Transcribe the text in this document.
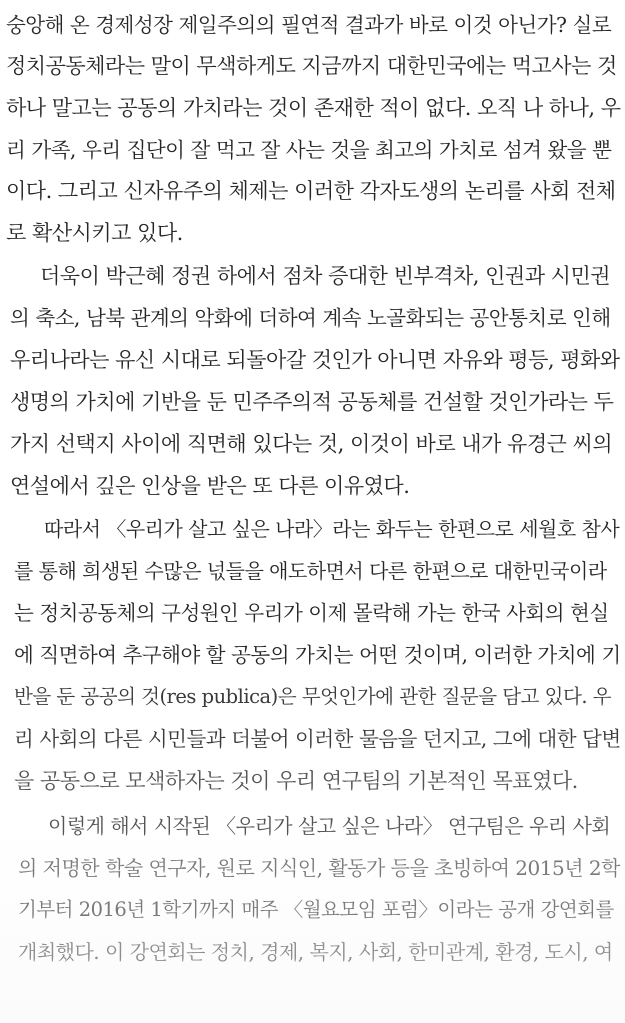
숭앙해 온 경제성장 제일주의의 필연적 결과가 바로 이것 아닌가? 실로
정치공동체라는 말이 무색하게도 지금까지 대한민국에는 먹고사는 것
하나 말고는 공동의 가치라는 것이 존재한 적이 없다. 오직 나 하나, 우
리 가족, 우리 집단이 잘 먹고 잘 사는 것을 최고의 가치로 섬겨 왔을 뿐
이다. 그리고 신자유주의 체제는 이러한 각자도생의 논리를 사회 전체
로 확산시키고 있다.
더욱이 박근혜 정권 하에서 점차 증대한 빈부격차, 인권과 시민권
의 축소, 남북 관계의 악화에 더하여 계속 노골화되는 공안통치로 인해
우리나라는 유신 시대로 되돌아갈 것인가 아니면 자유와 평등, 평화와
생명의 가치에 기반을 둔 민주주의적 공동체를 건설할 것인가라는 두
가지 선택지 사이에 직면해 있다는 것, 이것이 바로 내가 유경근 씨의
연설에서 깊은 인상을 받은 또 다른 이유였다.
따라서 〈우리가 살고 싶은 나라〉라는 화두는 한편으로 세월호 참사
를 통해 희생된 수많은 넋들을 애도하면서 다른 한편으로 대한민국이라
는 정치공동체의 구성원인 우리가 이제 몰락해 가는 한국 사회의 현실
에 직면하여 추구해야 할 공동의 가치는 어떤 것이며, 이러한 가치에 기
반을 둔 공공의 것(res publica)은 무엇인가에 관한 질문을 담고 있다. 우
리 사회의 다른 시민들과 더불어 이러한 물음을 던지고, 그에 대한 답변
을 공동으로 모색하자는 것이 우리 연구팀의 기본적인 목표였다.
이렇게 해서 시작된 〈우리가 살고 싶은 나라〉 연구팀은 우리 사회
의 저명한 학술 연구자, 원로 지식인, 활동가 등을 초빙하여 2015년 2학
기부터 2016년 1학기까지 매주 〈월요모임 포럼〉이라는 공개 강연회를
개최했다. 이 강연회는 정치, 경제, 복지, 사회, 한미관계, 환경, 도시, 여
